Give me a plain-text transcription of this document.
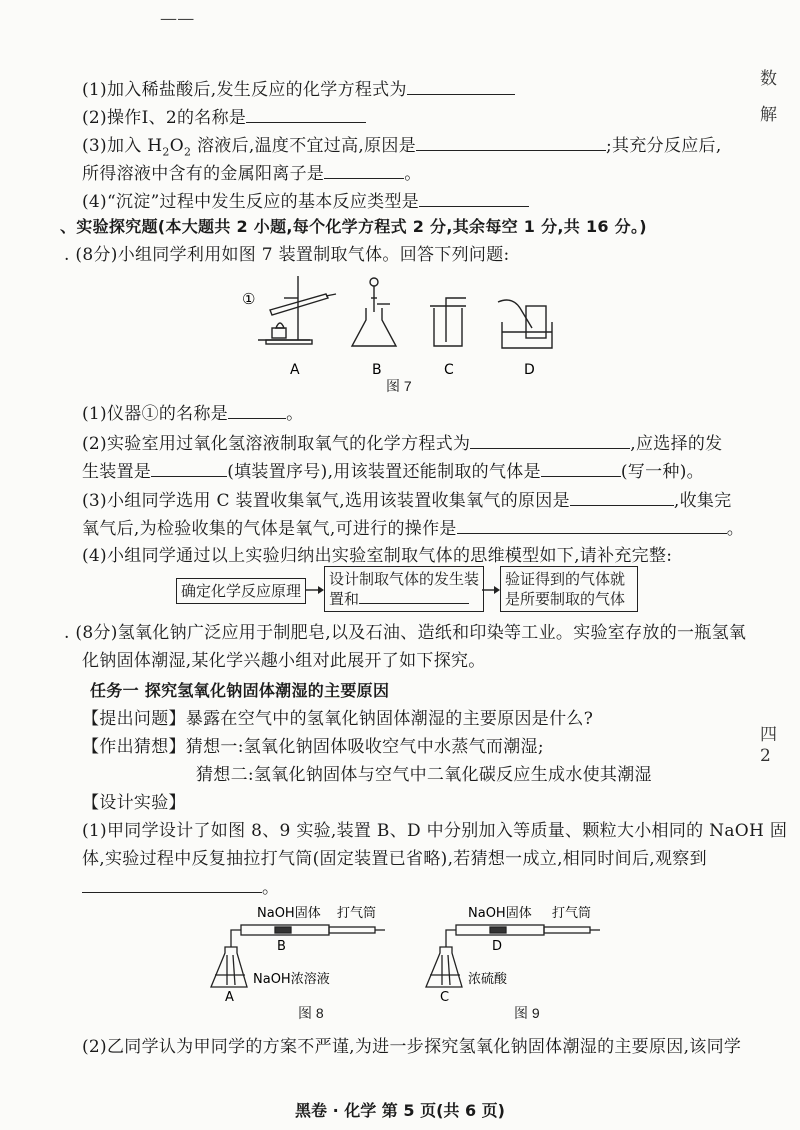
——
(1)加入稀盐酸后,发生反应的化学方程式为
(2)操作Ⅰ、2的名称是
(3)加入 $H_2O_2$ 溶液后,温度不宜过高,原因是	;其充分反应后,
所得溶液中含有的金属阳离子是	。
(4)“沉淀”过程中发生反应的基本反应类型是
、实验探究题(本大题共 2 小题,每个化学方程式 2 分,其余每空 1 分,共 16 分。)
. (8分)小组同学利用如图 7 装置制取气体。回答下列问题:
①
A	B	C	D
图 7
(1)仪器①的名称是	。
(2)实验室用过氧化氢溶液制取氧气的化学方程式为	,应选择的发
生装置是	(填装置序号),用该装置还能制取的气体是	(写一种)。
(3)小组同学选用 C 装置收集氧气,选用该装置收集氧气的原因是	,收集完
氧气后,为检验收集的气体是氧气,可进行的操作是	。
(4)小组同学通过以上实验归纳出实验室制取气体的思维模型如下,请补充完整:
确定化学反应原理
设计制取气体的发生装
置和
验证得到的气体就
是所要制取的气体
. (8分)氢氧化钠广泛应用于制肥皂,以及石油、造纸和印染等工业。实验室存放的一瓶氢氧
化钠固体潮湿,某化学兴趣小组对此展开了如下探究。
任务一 探究氢氧化钠固体潮湿的主要原因
【提出问题】暴露在空气中的氢氧化钠固体潮湿的主要原因是什么?
【作出猜想】猜想一:氢氧化钠固体吸收空气中水蒸气而潮湿;
猜想二:氢氧化钠固体与空气中二氧化碳反应生成水使其潮湿
【设计实验】
(1)甲同学设计了如图 8、9 实验,装置 B、D 中分别加入等质量、颗粒大小相同的 NaOH 固
体,实验过程中反复抽拉打气筒(固定装置已省略),若猜想一成立,相同时间后,观察到
。
NaOH固体 打气筒
B
NaOH浓溶液
A
图 8
NaOH固体 打气筒
D
浓硫酸
C
图 9
(2)乙同学认为甲同学的方案不严谨,为进一步探究氢氧化钠固体潮湿的主要原因,该同学
黑卷 · 化学 第 5 页(共 6 页)
数
解
四
2
